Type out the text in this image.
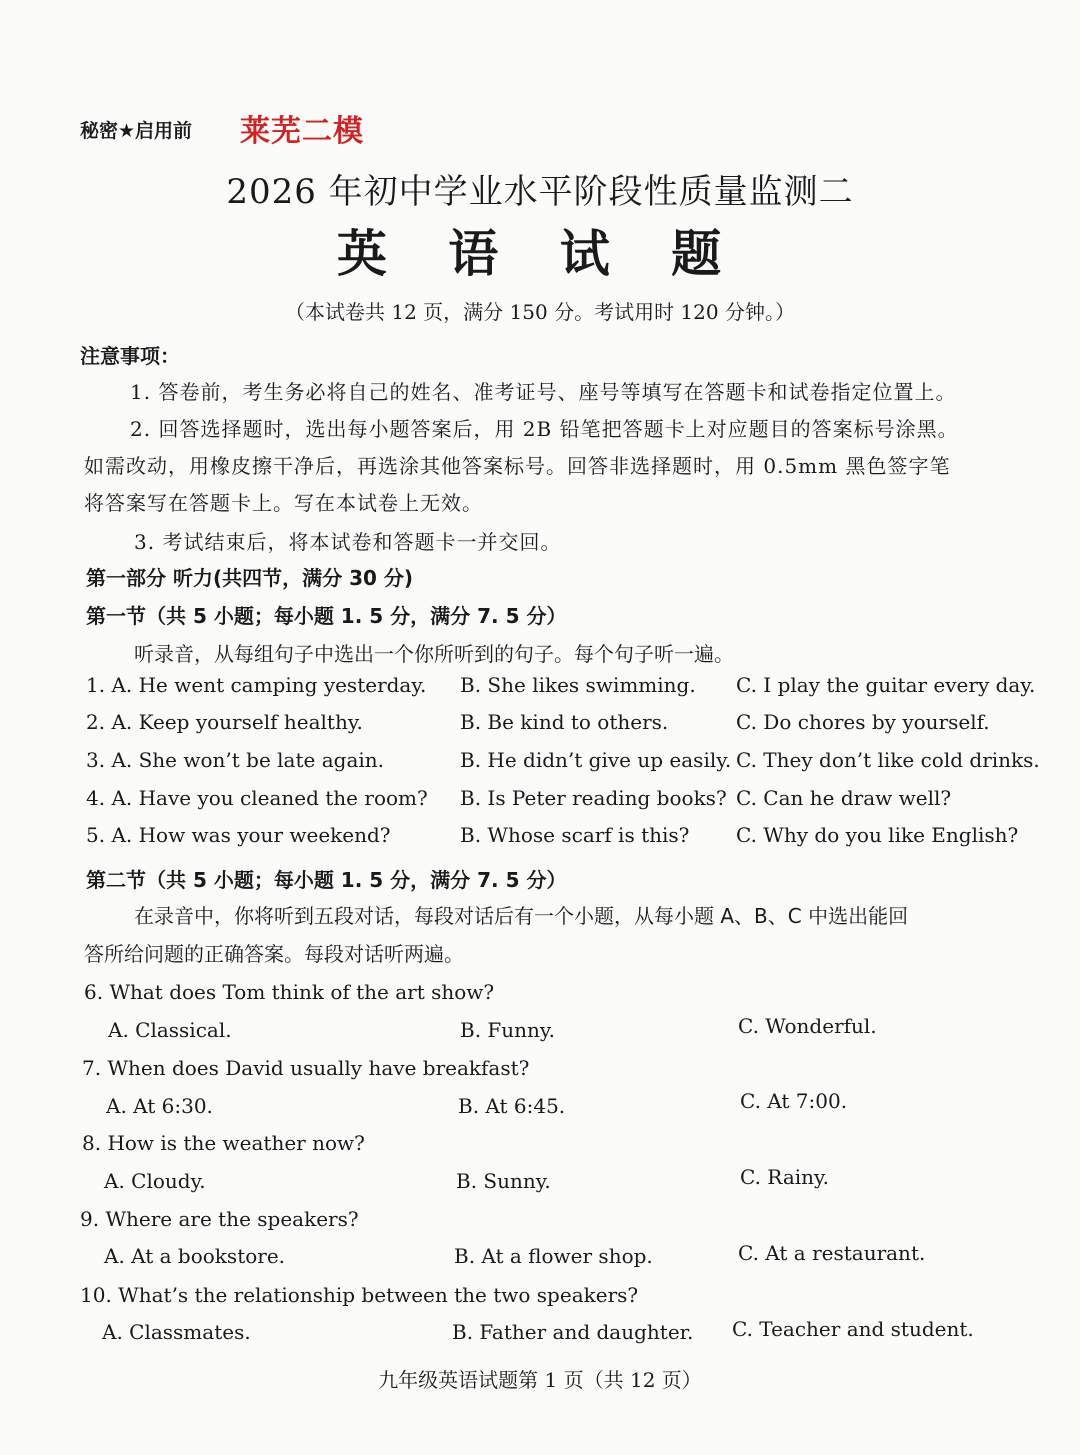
秘密★启用前 莱芜二模
2026 年初中学业水平阶段性质量监测二
英 语 试 题
（本试卷共 12 页，满分 150 分。考试用时 120 分钟。）
注意事项：
1. 答卷前，考生务必将自己的姓名、准考证号、座号等填写在答题卡和试卷指定位置上。
2. 回答选择题时，选出每小题答案后，用 2B 铅笔把答题卡上对应题目的答案标号涂黑。
如需改动，用橡皮擦干净后，再选涂其他答案标号。回答非选择题时，用 0.5mm 黑色签字笔
将答案写在答题卡上。写在本试卷上无效。
3. 考试结束后，将本试卷和答题卡一并交回。
第一部分 听力(共四节，满分 30 分)
第一节（共 5 小题；每小题 1. 5 分，满分 7. 5 分）
听录音，从每组句子中选出一个你所听到的句子。每个句子听一遍。
1. A. He went camping yesterday. B. She likes swimming. C. I play the guitar every day.
2. A. Keep yourself healthy.	B. Be kind to others.	C. Do chores by yourself.
3. A. She won’t be late again.	B. He didn’t give up easily. C. They don’t like cold drinks.
4. A. Have you cleaned the room? B. Is Peter reading books? C. Can he draw well?
5. A. How was your weekend?	B. Whose scarf is this? C. Why do you like English?
第二节（共 5 小题；每小题 1. 5 分，满分 7. 5 分）
在录音中，你将听到五段对话，每段对话后有一个小题，从每小题 A、B、C 中选出能回
答所给问题的正确答案。每段对话听两遍。
6. What does Tom think of the art show?
A. Classical.	B. Funny.	C. Wonderful.
7. When does David usually have breakfast?
A. At 6:30.	B. At 6:45.	C. At 7:00.
8. How is the weather now?
A. Cloudy.	B. Sunny.	C. Rainy.
9. Where are the speakers?
A. At a bookstore.	B. At a flower shop.	C. At a restaurant.
10. What’s the relationship between the two speakers?
A. Classmates.	B. Father and daughter. C. Teacher and student.
九年级英语试题第 1 页（共 12 页）
